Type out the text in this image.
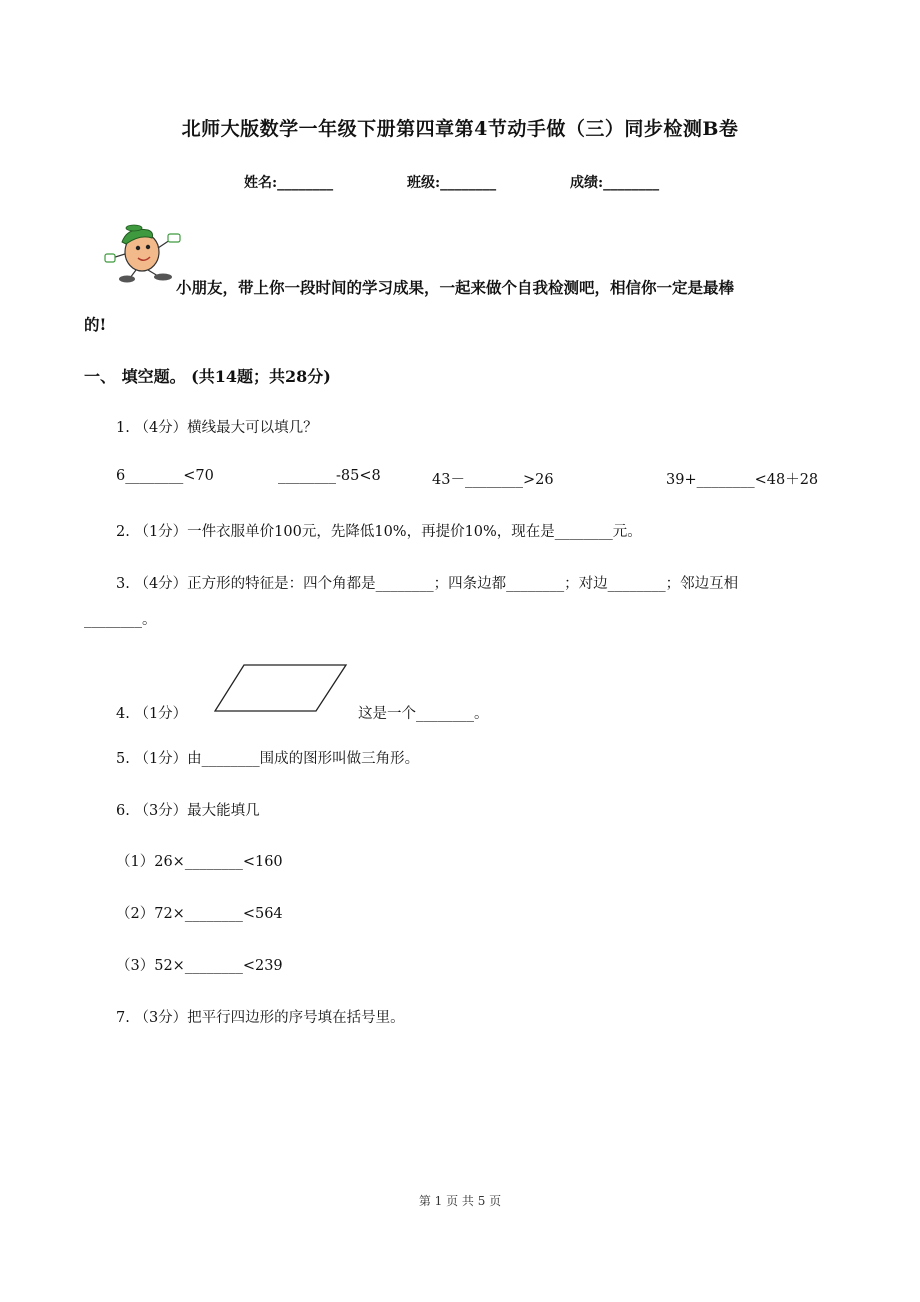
北师大版数学一年级下册第四章第4节动手做（三）同步检测B卷
姓名:________	班级:________	成绩:________
小朋友，带上你一段时间的学习成果，一起来做个自我检测吧，相信你一定是最棒
的!
一、 填空题。 (共14题；共28分)
1. （4分）横线最大可以填几？
6________<70	________-85<8	43－________>26	39+________<48＋28
2. （1分）一件衣服单价100元，先降低10%，再提价10%，现在是________元。
3. （4分）正方形的特征是：四个角都是________；四条边都________；对边________；邻边互相
________。
4. （1分）	这是一个________。
5. （1分）由________围成的图形叫做三角形。
6. （3分）最大能填几
（1）26×________<160
（2）72×________<564
（3）52×________<239
7. （3分）把平行四边形的序号填在括号里。
第 1 页 共 5 页
